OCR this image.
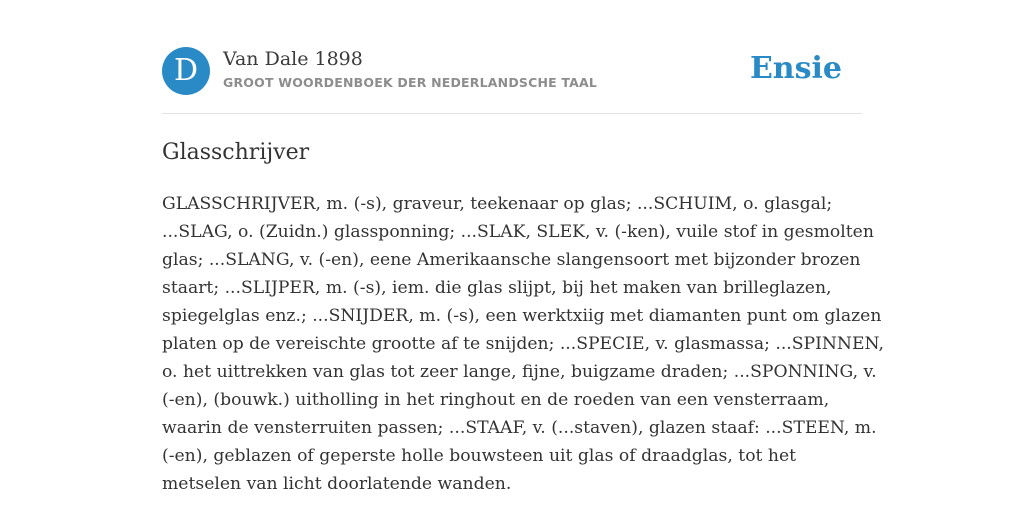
D	Van Dale 1898
GROOT WOORDENBOEK DER NEDERLANDSCHE TAAL	Ensie
Glasschrijver

GLASSCHRIJVER, m. (-s), graveur, teekenaar op glas; ...SCHUIM, o. glasgal;
...SLAG, o. (Zuidn.) glassponning; ...SLAK, SLEK, v. (-ken), vuile stof in gesmolten
glas; ...SLANG, v. (-en), eene Amerikaansche slangensoort met bijzonder brozen
staart; ...SLIJPER, m. (-s), iem. die glas slijpt, bij het maken van brilleglazen,
spiegelglas enz.; ...SNIJDER, m. (-s), een werktxiig met diamanten punt om glazen
platen op de vereischte grootte af te snijden; ...SPECIE, v. glasmassa; ...SPINNEN,
o. het uittrekken van glas tot zeer lange, fijne, buigzame draden; ...SPONNING, v.
(-en), (bouwk.) uitholling in het ringhout en de roeden van een vensterraam,
waarin de vensterruiten passen; ...STAAF, v. (...staven), glazen staaf: ...STEEN, m.
(-en), geblazen of geperste holle bouwsteen uit glas of draadglas, tot het
metselen van licht doorlatende wanden.
